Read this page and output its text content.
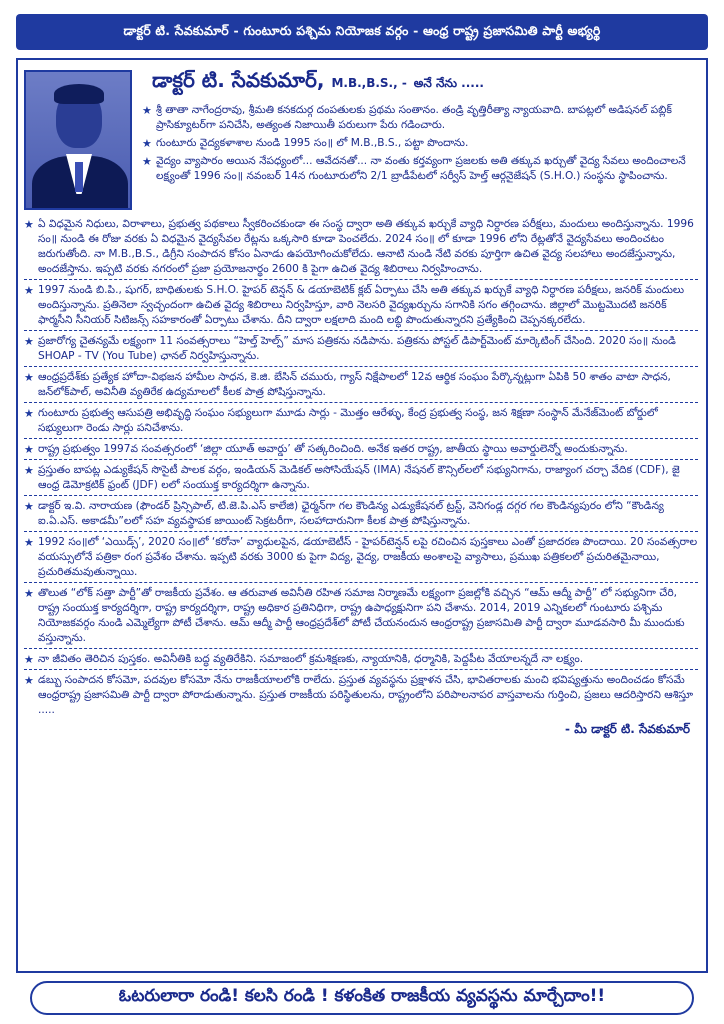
డాక్టర్ టి. సేవకుమార్ - గుంటూరు పశ్చిమ నియోజక వర్గం - ఆంధ్ర రాష్ట్ర ప్రజాసమితి పార్టీ అభ్యర్థి
డాక్టర్ టి. సేవకుమార్, M.B.,B.S., - అనే నేను .....
★ శ్రీ తాతా నాగేంద్రరావు, శ్రీమతి కనకదుర్గ దంపతులకు ప్రథమ సంతానం. తండ్రి వృత్తిరీత్యా న్యాయవాది. బాపట్లలో అడిషనల్ పబ్లిక్ ప్రాసిక్యూటర్‌గా పనిచేసి, అత్యంత నిజాయితీ పరులుగా పేరు గడించారు.
★ గుంటూరు వైద్యకళాశాల నుండి 1995 సం॥ లో M.B.,B.S., పట్టా పొందాను.
★ వైద్యం వ్యాపారం అయిన నేపధ్యంలో... ఆవేదనతో... నా వంతు కర్తవ్యంగా ప్రజలకు అతి తక్కువ ఖర్చుతో వైద్య సేవలు అందించాలనే లక్ష్యంతో 1996 సం॥ నవంబర్ 14న గుంటూరులోని 2/1 బ్రాడీపేటలో సర్వీస్ హెల్త్ ఆర్గనైజేషన్ (S.H.O.) సంస్థను స్థాపించాను.
★ ఏ విధమైన నిధులు, విరాళాలు, ప్రభుత్వ పథకాలు స్వీకరించకుండా ఈ సంస్థ ద్వారా అతి తక్కువ ఖర్చుకే వ్యాధి నిర్ధారణ పరీక్షలు, మందులు అందిస్తున్నాను. 1996 సం॥ నుండి ఈ రోజు వరకు ఏ విధమైన వైద్యసేవల రేట్లను ఒక్కసారి కూడా పెంచలేదు. 2024 సం॥ లో కూడా 1996 లోని రేట్లతోనే వైద్యసేవలు అందించటం జరుగుతోంది. నా M.B.,B.S., డిగ్రీని సంపాదన కోసం ఏనాడు ఉపయోగించుకోలేదు. ఆనాటి నుండి నేటి వరకు పూర్తిగా ఉచిత వైద్య సలహాలు అందజేస్తున్నాను, అందజేస్తాను. ఇప్పటి వరకు నగరంలో ప్రజా ప్రయోజనార్థం 2600 కి పైగా ఉచిత వైద్య శిబిరాలు నిర్వహించాను.
★ 1997 నుండి బి.పి., షుగర్, బాధితులకు S.H.O. హైపర్ టెన్షన్ & డయాబెటిక్ క్లబ్ ఏర్పాటు చేసి అతి తక్కువ ఖర్చుకే వ్యాధి నిర్ధారణ పరీక్షలు, జనరిక్ మందులు అందిస్తున్నాను. ప్రతినెలా స్వచ్ఛందంగా ఉచిత వైద్య శిబిరాలు నిర్వహిస్తూ, వారి నెలసరి వైద్యఖర్చును సగానికి సగం తగ్గించాను. జిల్లాలో మొట్టమొదటి జనరిక్ ఫార్మసీని సీనియర్ సిటిజన్స్ సహకారంతో ఏర్పాటు చేశాను. దీని ద్వారా లక్షలాది మంది లబ్ధి పొందుతున్నారని ప్రత్యేకించి చెప్పనక్కరలేదు.
★ ప్రజారోగ్య చైతన్యమే లక్ష్యంగా 11 సంవత్సరాలు “హెల్త్ హెల్ప్” మాస పత్రికను నడిపాను. పత్రికను పోస్టల్ డిపార్ట్‌మెంట్ మార్కెటింగ్ చేసింది. 2020 సం॥ నుండి SHOAP - TV (You Tube) ఛానల్ నిర్వహిస్తున్నాను.
★ ఆంధ్రప్రదేశ్‌కు ప్రత్యేక హోదా-విభజన హామీల సాధన, కె.జి. బేసిన్ చమురు, గ్యాస్ నిక్షేపాలలో 12వ ఆర్థిక సంఘం పేర్కొన్నట్లుగా ఏపికి 50 శాతం వాటా సాధన, జన్‌లోక్‌పాల్, అవినీతి వ్యతిరేక ఉద్యమాలలో కీలక పాత్ర పోషిస్తున్నాను.
★ గుంటూరు ప్రభుత్వ ఆసుపత్రి అభివృద్ధి సంఘం సభ్యులుగా మూడు సార్లు - మొత్తం ఆరేళ్ళు, కేంద్ర ప్రభుత్వ సంస్థ, జన శిక్షణా సంస్థాన్ మేనేజ్‌మెంట్ బోర్డులో సభ్యులుగా రెండు సార్లు పనిచేశాను.
★ రాష్ట్ర ప్రభుత్వం 1997వ సంవత్సరంలో ‘జిల్లా యూత్ అవార్డు’ తో సత్కరించింది. అనేక ఇతర రాష్ట్ర, జాతీయ స్థాయి అవార్డులెన్నో అందుకున్నాను.
★ ప్రస్తుతం బాపట్ల ఎడ్యుకేషన్ సొసైటీ పాలక వర్గం, ఇండియన్ మెడికల్ అసోసియేషన్ (IMA) నేషనల్ కౌన్సిల్‌లలో సభ్యునిగాను, రాజ్యాంగ చర్చా వేదిక (CDF), జై ఆంధ్ర డెమోక్రటిక్ ఫ్రంట్ (JDF) లలో సంయుక్త కార్యదర్శిగా ఉన్నాను.
★ డాక్టర్ ఇ.వి. నారాయణ (ఫౌండర్ ప్రిన్సిపాల్, టి.జె.పి.ఎస్ కాలేజి) ఛైర్మన్‌గా గల కౌండిన్య ఎడ్యుకేషనల్ ట్రస్ట్, వెనిగండ్ల దగ్గర గల కౌండిన్యపురం లోని “కౌండిన్య ఐ.ఏ.ఎస్. అకాడమీ”లలో సహ వ్యవస్థాపక జాయింట్ సెక్రటరీగా, సలహాదారునిగా కీలక పాత్ర పోషిస్తున్నాను.
★ 1992 సం॥లో ‘ఎయిడ్స్’, 2020 సం॥లో ‘కరోనా’ వ్యాధులపైన, డయాబెటీస్ - హైపర్‌టెన్షన్ లపై రచించిన పుస్తకాలు ఎంతో ప్రజాదరణ పొందాయి. 20 సంవత్సరాల వయస్సులోనే పత్రికా రంగ ప్రవేశం చేశాను. ఇప్పటి వరకు 3000 కు పైగా విద్య, వైద్య, రాజకీయ అంశాలపై వ్యాసాలు, ప్రముఖ పత్రికలలో ప్రచురితమైనాయి, ప్రచురితమవుతున్నాయి.
★ తొలుత “లోక్ సత్తా పార్టీ”తో రాజకీయ ప్రవేశం. ఆ తరువాత అవినీతి రహిత సమాజ నిర్మాణమే లక్ష్యంగా ప్రజల్లోకి వచ్చిన “ఆమ్ ఆద్మీ పార్టీ” లో సభ్యునిగా చేరి, రాష్ట్ర సంయుక్త కార్యదర్శిగా, రాష్ట్ర కార్యదర్శిగా, రాష్ట్ర అధికార ప్రతినిధిగా, రాష్ట్ర ఉపాధ్యక్షునిగా పని చేశాను. 2014, 2019 ఎన్నికలలో గుంటూరు పశ్చిమ నియోజకవర్గం నుండి ఎమ్మెల్యేగా పోటీ చేశాను. ఆమ్ ఆద్మీ పార్టీ ఆంధ్రప్రదేశ్‌లో పోటీ చేయనందున ఆంధ్రరాష్ట్ర ప్రజాసమితి పార్టీ ద్వారా మూడవసారి మీ ముందుకు వస్తున్నాను.
★ నా జీవితం తెరిచిన పుస్తకం. అవినీతికి బద్ధ వ్యతిరేకిని. సమాజంలో క్రమశిక్షణకు, న్యాయానికి, ధర్మానికి, పెద్దపీట వేయాలన్నదే నా లక్ష్యం.
★ డబ్బు సంపాదన కోసమో, పదవుల కోసమో నేను రాజకీయాలలోకి రాలేదు. ప్రస్తుత వ్యవస్థను ప్రక్షాళన చేసి, భావితరాలకు మంచి భవిష్యత్తును అందించడం కోసమే ఆంధ్రరాష్ట్ర ప్రజాసమితి పార్టీ ద్వారా పోరాడుతున్నాను. ప్రస్తుత రాజకీయ పరిస్థితులను, రాష్ట్రంలోని పరిపాలనాపర వాస్తవాలను గుర్తించి, ప్రజలు ఆదరిస్తారని ఆశిస్తూ .....
- మీ డాక్టర్ టి. సేవకుమార్
ఓటరులారా రండి! కలసి రండి ! కళంకిత రాజకీయ వ్యవస్థను మార్చేదాం!!
